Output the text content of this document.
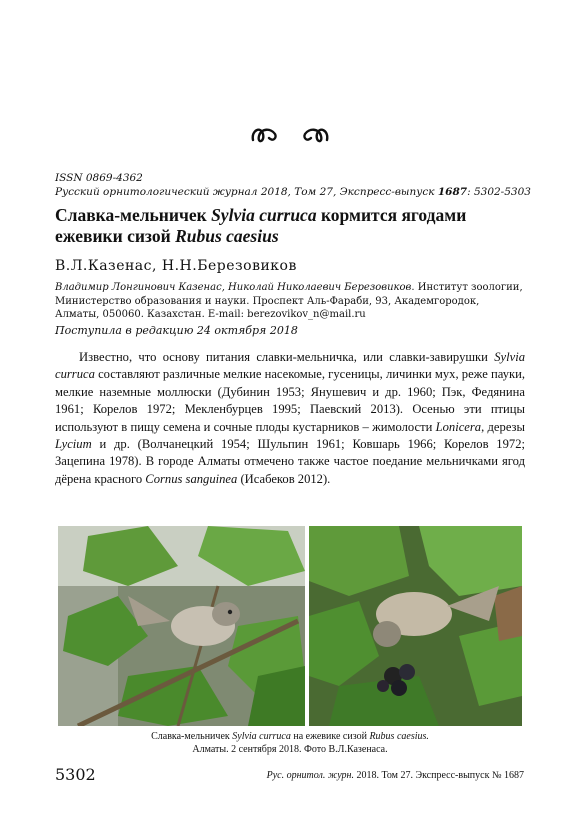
ISSN 0869-4362
Русский орнитологический журнал 2018, Том 27, Экспресс-выпуск 1687: 5302-5303
Славка-мельничек Sylvia curruca кормится ягодами ежевики сизой Rubus caesius
В.Л.Казенас, Н.Н.Березовиков
Владимир Лонгинович Казенас, Николай Николаевич Березовиков. Институт зоологии, Министерство образования и науки. Проспект Аль-Фараби, 93, Академгородок, Алматы, 050060. Казахстан. E-mail: berezovikov_n@mail.ru
Поступила в редакцию 24 октября 2018

Известно, что основу питания славки-мельничка, или славки-завирушки Sylvia curruca составляют различные мелкие насекомые, гусеницы, личинки мух, реже пауки, мелкие наземные моллюски (Дубинин 1953; Янушевич и др. 1960; Пэк, Федянина 1961; Корелов 1972; Мекленбурцев 1995; Паевский 2013). Осенью эти птицы используют в пищу семена и сочные плоды кустарников – жимолости Lonicera, дерезы Lycium и др. (Волчанецкий 1954; Шульпин 1961; Ковшарь 1966; Корелов 1972; Зацепина 1978). В городе Алматы отмечено также частое поедание мельничками ягод дёрена красного Cornus sanguinea (Исабеков 2012).

Славка-мельничек Sylvia curruca на ежевике сизой Rubus caesius.
Алматы. 2 сентября 2018. Фото В.Л.Казенаса.
5302	Рус. орнитол. журн. 2018. Том 27. Экспресс-выпуск № 1687
